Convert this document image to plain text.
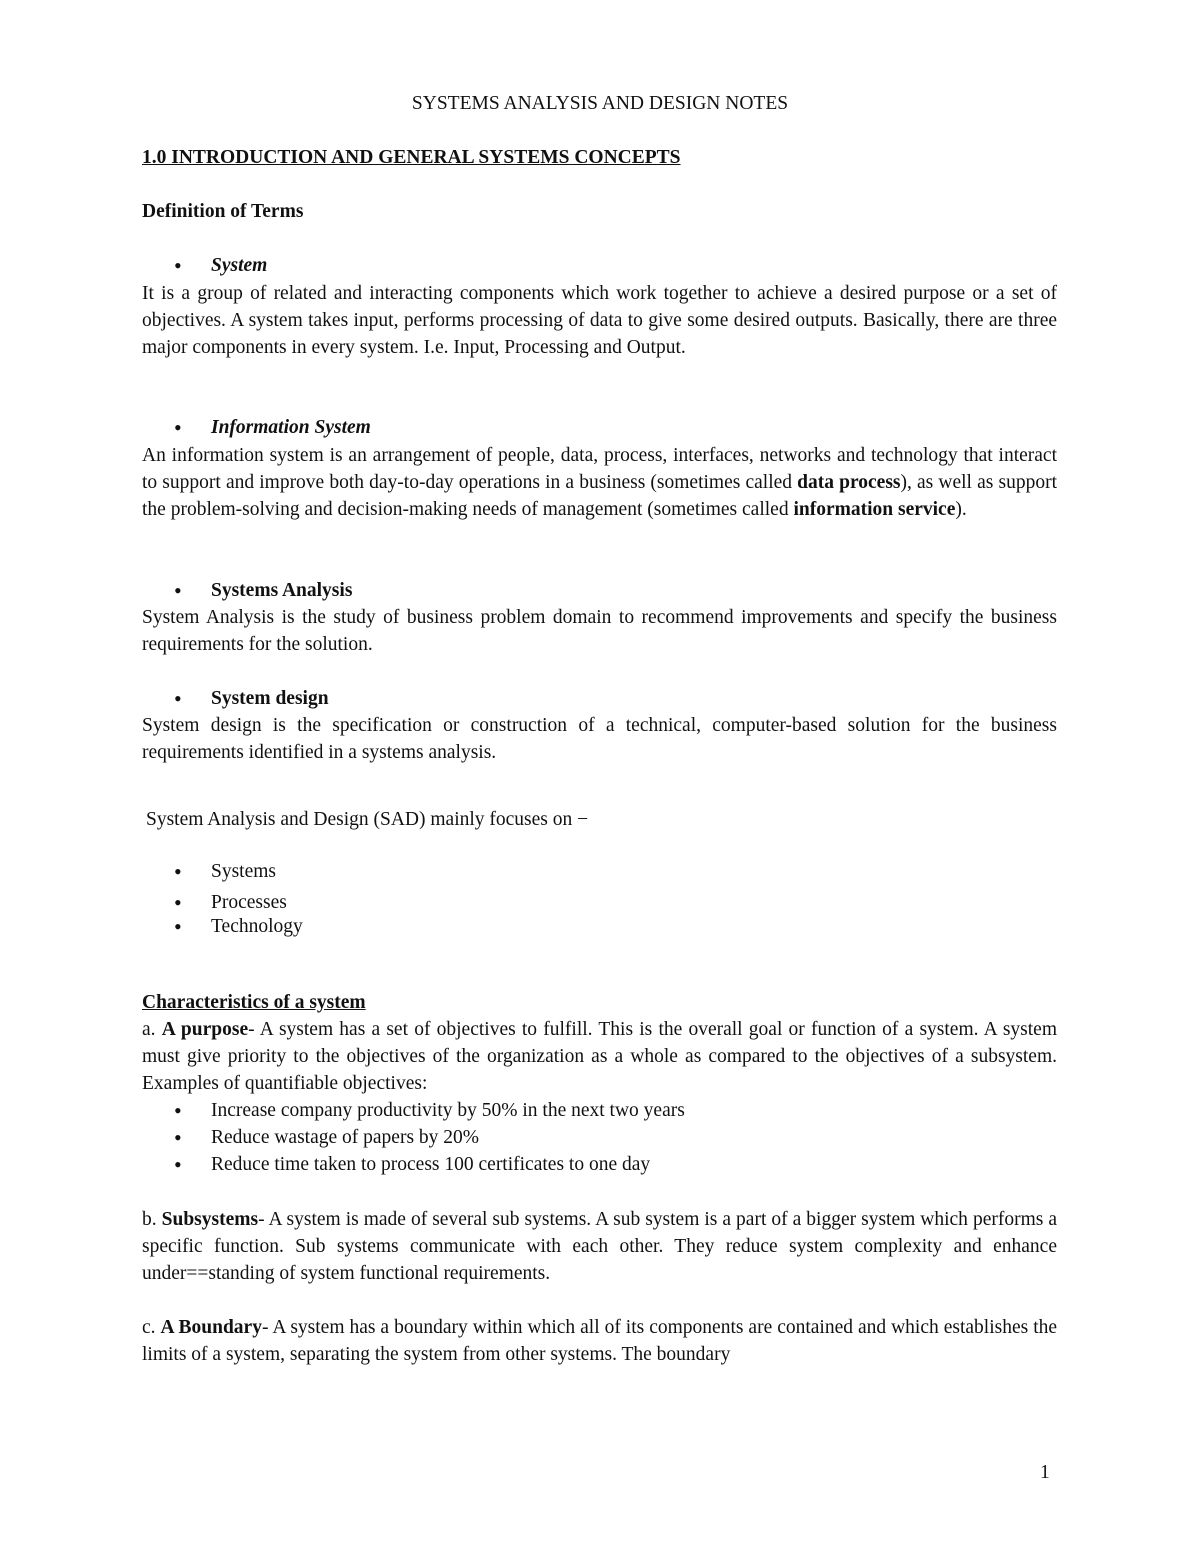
SYSTEMS ANALYSIS AND DESIGN NOTES

1.0 INTRODUCTION AND GENERAL SYSTEMS CONCEPTS

Definition of Terms

System

It is a group of related and interacting components which work together to achieve a desired purpose or a set of objectives. A system takes input, performs processing of data to give some desired outputs. Basically, there are three major components in every system. I.e. Input, Processing and Output.

Information System

An information system is an arrangement of people, data, process, interfaces, networks and technology that interact to support and improve both day-to-day operations in a business (sometimes called data process), as well as support the problem-solving and decision-making needs of management (sometimes called information service).

Systems Analysis

System Analysis is the study of business problem domain to recommend improvements and specify the business requirements for the solution.

System design

System design is the specification or construction of a technical, computer-based solution for the business requirements identified in a systems analysis.

System Analysis and Design (SAD) mainly focuses on −

Systems
Processes
Technology

Characteristics of a system

a. A purpose- A system has a set of objectives to fulfill. This is the overall goal or function of a system. A system must give priority to the objectives of the organization as a whole as compared to the objectives of a subsystem. Examples of quantifiable objectives:

Increase company productivity by 50% in the next two years
Reduce wastage of papers by 20%
Reduce time taken to process 100 certificates to one day

b. Subsystems- A system is made of several sub systems. A sub system is a part of a bigger system which performs a specific function. Sub systems communicate with each other. They reduce system complexity and enhance under==standing of system functional requirements.

c. A Boundary- A system has a boundary within which all of its components are contained and which establishes the limits of a system, separating the system from other systems. The boundary

1
